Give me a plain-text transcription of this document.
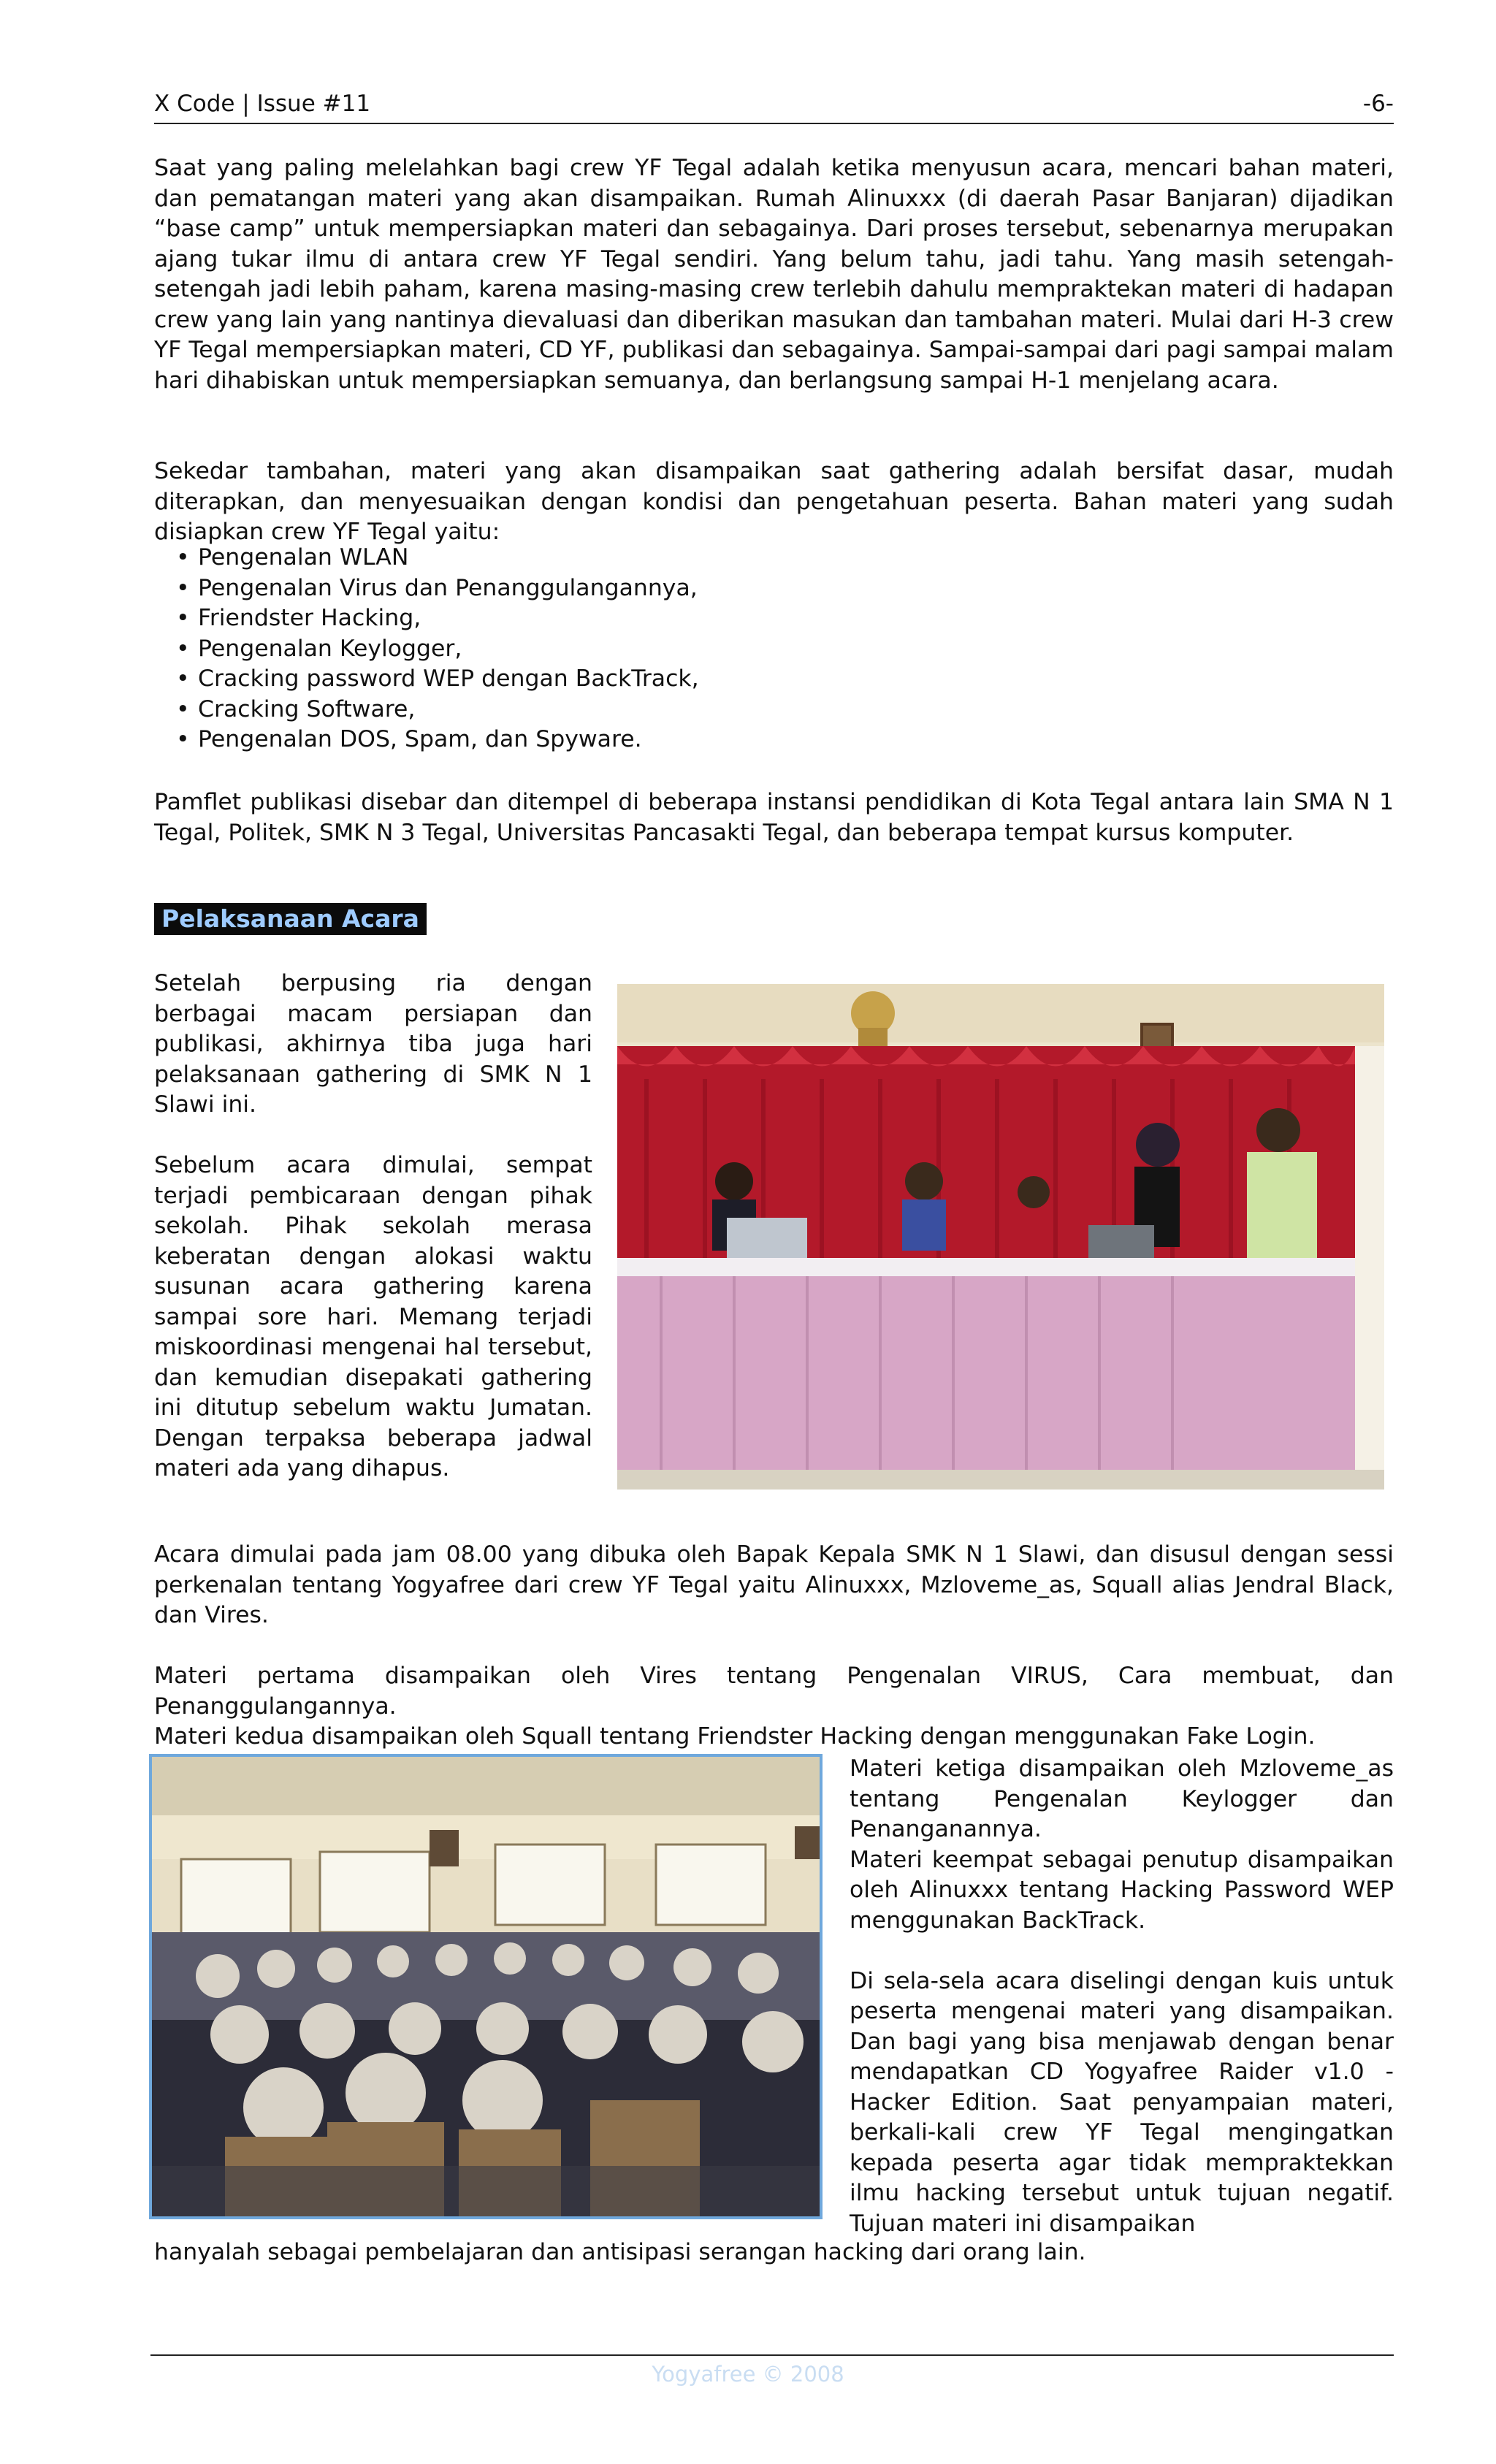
X Code | Issue #11	-6-

Saat yang paling melelahkan bagi crew YF Tegal adalah ketika menyusun acara, mencari bahan materi, dan pematangan materi yang akan disampaikan. Rumah Alinuxxx (di daerah Pasar Banjaran) dijadikan “base camp” untuk mempersiapkan materi dan sebagainya. Dari proses tersebut, sebenarnya merupakan ajang tukar ilmu di antara crew YF Tegal sendiri. Yang belum tahu, jadi tahu. Yang masih setengah-setengah jadi lebih paham, karena masing-masing crew terlebih dahulu mempraktekan materi di hadapan crew yang lain yang nantinya dievaluasi dan diberikan masukan dan tambahan materi. Mulai dari H-3 crew YF Tegal mempersiapkan materi, CD YF, publikasi dan sebagainya. Sampai-sampai dari pagi sampai malam hari dihabiskan untuk mempersiapkan semuanya, dan berlangsung sampai H-1 menjelang acara.

Sekedar tambahan, materi yang akan disampaikan saat gathering adalah bersifat dasar, mudah diterapkan, dan menyesuaikan dengan kondisi dan pengetahuan peserta. Bahan materi yang sudah disiapkan crew YF Tegal yaitu:

• Pengenalan WLAN
• Pengenalan Virus dan Penanggulangannya,
• Friendster Hacking,
• Pengenalan Keylogger,
• Cracking password WEP dengan BackTrack,
• Cracking Software,
• Pengenalan DOS, Spam, dan Spyware.

Pamflet publikasi disebar dan ditempel di beberapa instansi pendidikan di Kota Tegal antara lain SMA N 1 Tegal, Politek, SMK N 3 Tegal, Universitas Pancasakti Tegal, dan beberapa tempat kursus komputer.

Pelaksanaan Acara

Setelah berpusing ria dengan berbagai macam persiapan dan publikasi, akhirnya tiba juga hari pelaksanaan gathering di SMK N 1 Slawi ini.

Sebelum acara dimulai, sempat terjadi pembicaraan dengan pihak sekolah. Pihak sekolah merasa keberatan dengan alokasi waktu susunan acara gathering karena sampai sore hari. Memang terjadi miskoordinasi mengenai hal tersebut, dan kemudian disepakati gathering ini ditutup sebelum waktu Jumatan. Dengan terpaksa beberapa jadwal materi ada yang dihapus.

Acara dimulai pada jam 08.00 yang dibuka oleh Bapak Kepala SMK N 1 Slawi, dan disusul dengan sessi perkenalan tentang Yogyafree dari crew YF Tegal yaitu Alinuxxx, Mzloveme_as, Squall alias Jendral Black, dan Vires.

Materi pertama disampaikan oleh Vires tentang Pengenalan VIRUS, Cara membuat, dan Penanggulangannya.

Materi kedua disampaikan oleh Squall tentang Friendster Hacking dengan menggunakan Fake Login.

Materi ketiga disampaikan oleh Mzloveme_as tentang Pengenalan Keylogger dan Penanganannya.

Materi keempat sebagai penutup disampaikan oleh Alinuxxx tentang Hacking Password WEP menggunakan BackTrack.

Di sela-sela acara diselingi dengan kuis untuk peserta mengenai materi yang disampaikan. Dan bagi yang bisa menjawab dengan benar mendapatkan CD Yogyafree Raider v1.0 - Hacker Edition. Saat penyampaian materi, berkali-kali crew YF Tegal mengingatkan kepada peserta agar tidak mempraktekkan ilmu hacking tersebut untuk tujuan negatif. Tujuan materi ini disampaikan

hanyalah sebagai pembelajaran dan antisipasi serangan hacking dari orang lain.

Yogyafree © 2008
